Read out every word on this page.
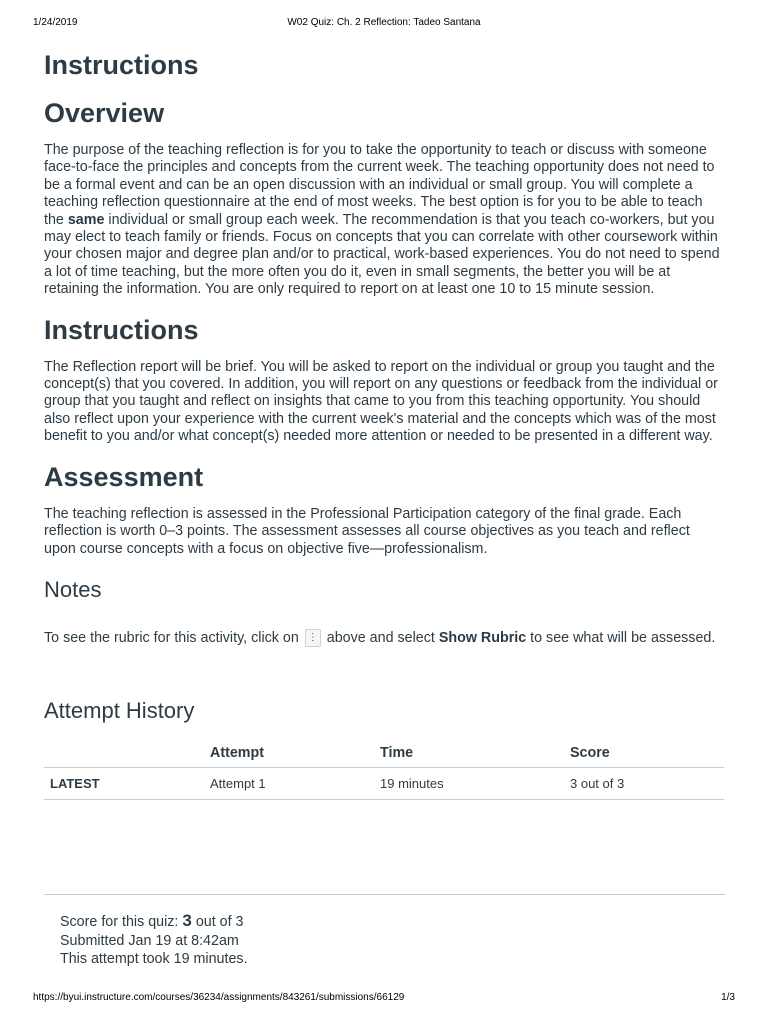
1/24/2019	W02 Quiz: Ch. 2 Reflection: Tadeo Santana
Instructions
Overview

The purpose of the teaching reflection is for you to take the opportunity to teach or discuss with someone face-to-face the principles and concepts from the current week. The teaching opportunity does not need to be a formal event and can be an open discussion with an individual or small group. You will complete a teaching reflection questionnaire at the end of most weeks. The best option is for you to be able to teach the same individual or small group each week. The recommendation is that you teach co-workers, but you may elect to teach family or friends. Focus on concepts that you can correlate with other coursework within your chosen major and degree plan and/or to practical, work-based experiences. You do not need to spend a lot of time teaching, but the more often you do it, even in small segments, the better you will be at retaining the information. You are only required to report on at least one 10 to 15 minute session.

Instructions

The Reflection report will be brief. You will be asked to report on the individual or group you taught and the concept(s) that you covered. In addition, you will report on any questions or feedback from the individual or group that you taught and reflect on insights that came to you from this teaching opportunity. You should also reflect upon your experience with the current week's material and the concepts which was of the most benefit to you and/or what concept(s) needed more attention or needed to be presented in a different way.

Assessment

The teaching reflection is assessed in the Professional Participation category of the final grade. Each reflection is worth 0–3 points. The assessment assesses all course objectives as you teach and reflect upon course concepts with a focus on objective five—professionalism.

Notes

To see the rubric for this activity, click on ⋮ above and select Show Rubric to see what will be assessed.

Attempt History
	Attempt	Time	Score
LATEST	Attempt 1	19 minutes	3 out of 3
Score for this quiz: 3 out of 3
Submitted Jan 19 at 8:42am
This attempt took 19 minutes.
https://byui.instructure.com/courses/36234/assignments/843261/submissions/66129	1/3
